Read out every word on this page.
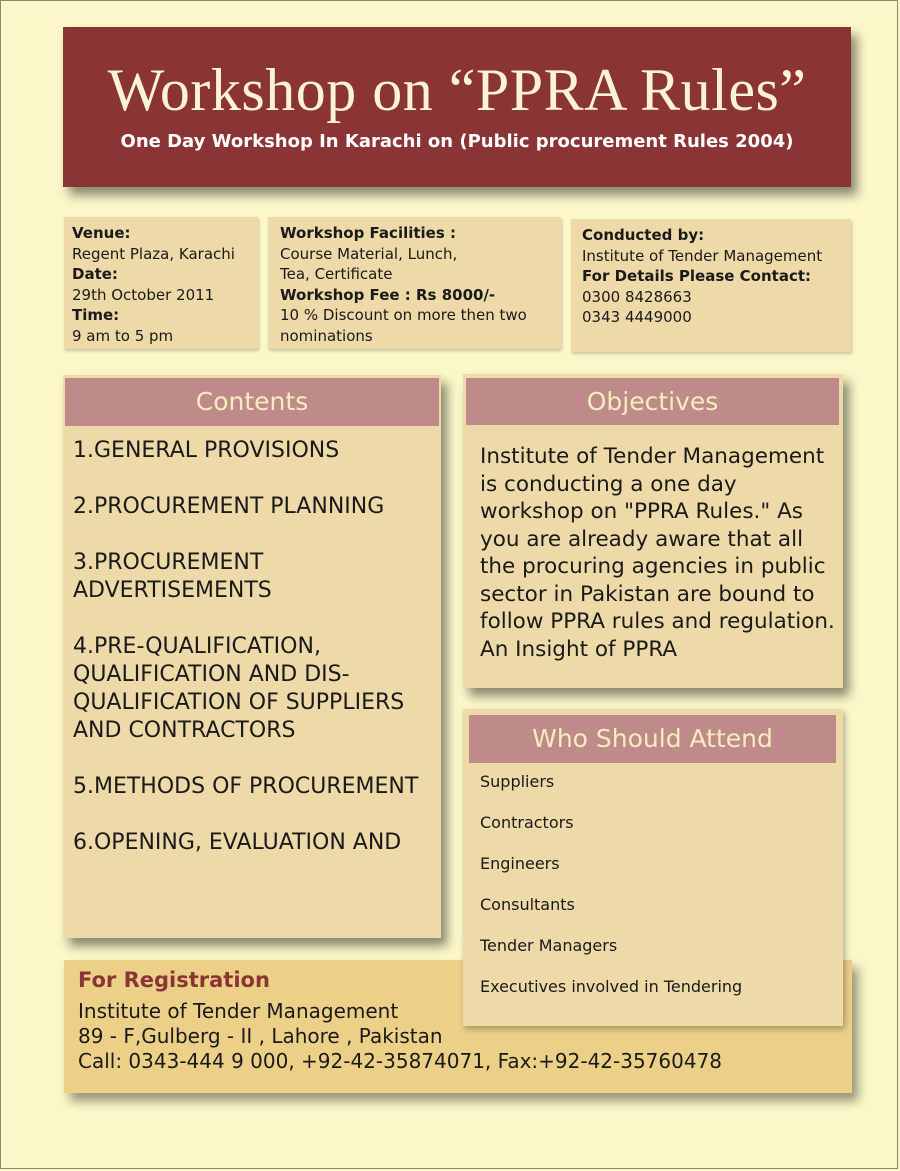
Workshop on “PPRA Rules”
One Day Workshop In Karachi on (Public procurement Rules 2004)
Venue:
Regent Plaza, Karachi
Date:
29th October 2011
Time:
9 am to 5 pm
Workshop Facilities :
Course Material, Lunch,
Tea, Certificate
Workshop Fee : Rs 8000/-
10 % Discount on more then two
nominations
Conducted by:
Institute of Tender Management
For Details Please Contact:
0300 8428663
0343 4449000
Contents
1.GENERAL PROVISIONS
2.PROCUREMENT PLANNING
3.PROCUREMENT ADVERTISEMENTS
4.PRE-QUALIFICATION, QUALIFICATION AND DIS-QUALIFICATION OF SUPPLIERS AND CONTRACTORS
5.METHODS OF PROCUREMENT
6.OPENING, EVALUATION AND
Objectives
Institute of Tender Management is conducting a one day workshop on "PPRA Rules." As you are already aware that all the procuring agencies in public sector in Pakistan are bound to follow PPRA rules and regulation. An Insight of PPRA
For Registration
Institute of Tender Management
89 - F,Gulberg - II , Lahore , Pakistan
Call: 0343-444 9 000, +92-42-35874071, Fax:+92-42-35760478
Who Should Attend
Suppliers
Contractors
Engineers
Consultants
Tender Managers
Executives involved in Tendering
